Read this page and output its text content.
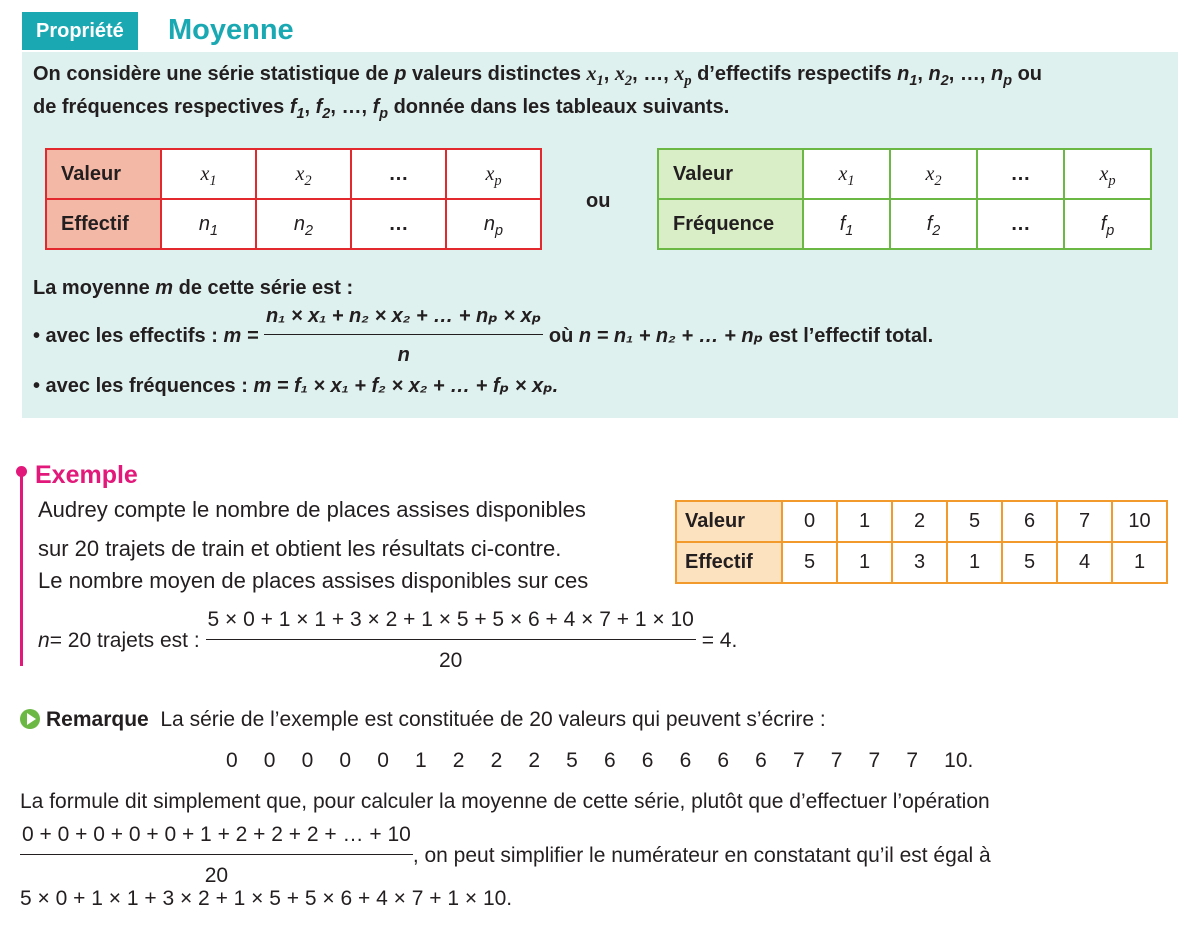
Propriété	Moyenne
On considère une série statistique de p valeurs distinctes $x_1$, $x_2$, …, $x_p$ d’effectifs respectifs $n_1$, $n_2$, …, $n_p$ ou
de fréquences respectives $f_1$, $f_2$, …, $f_p$ donnée dans les tableaux suivants.
Valeur	$x_1$	$x_2$	…	$x_p$
Effectif	$n_1$	$n_2$	…	$n_p$
ou
Valeur	$x_1$	$x_2$	…	$x_p$
Fréquence	$f_1$	$f_2$	…	$f_p$
La moyenne m de cette série est :
• avec les effectifs : $m = \frac{\text{n₁ × x₁ + n₂ × x₂ + … + nₚ × xₚ}}{n}$ où n = n₁ + n₂ + … + nₚ est l’effectif total.
• avec les fréquences : m = f₁ × x₁ + f₂ × x₂ + … + fₚ × xₚ.
Exemple
Audrey compte le nombre de places assises disponibles
sur 20 trajets de train et obtient les résultats ci-contre.
Le nombre moyen de places assises disponibles sur ces
n= 20 trajets est : $\frac{5 \times 0 + 1 \times 1 + 3 \times 2 + 1 \times 5 + 5 \times 6 + 4 \times 7 + 1 \times 10}{20} = 4$.
Valeur	0	1	2	5	6	7	10
Effectif	5	1	3	1	5	4	1
Remarque La série de l’exemple est constituée de 20 valeurs qui peuvent s’écrire :
0 0 0 0 0 1 2 2 2 5 6 6 6 6 6 7 7 7 7 10.
La formule dit simplement que, pour calculer la moyenne de cette série, plutôt que d’effectuer l’opération
$\frac{0 + 0 + 0 + 0 + 0 + 1 + 2 + 2 + 2 + \dots + 10}{20}$ , on peut simplifier le numérateur en constatant qu’il est égal à
5 × 0 + 1 × 1 + 3 × 2 + 1 × 5 + 5 × 6 + 4 × 7 + 1 × 10.
